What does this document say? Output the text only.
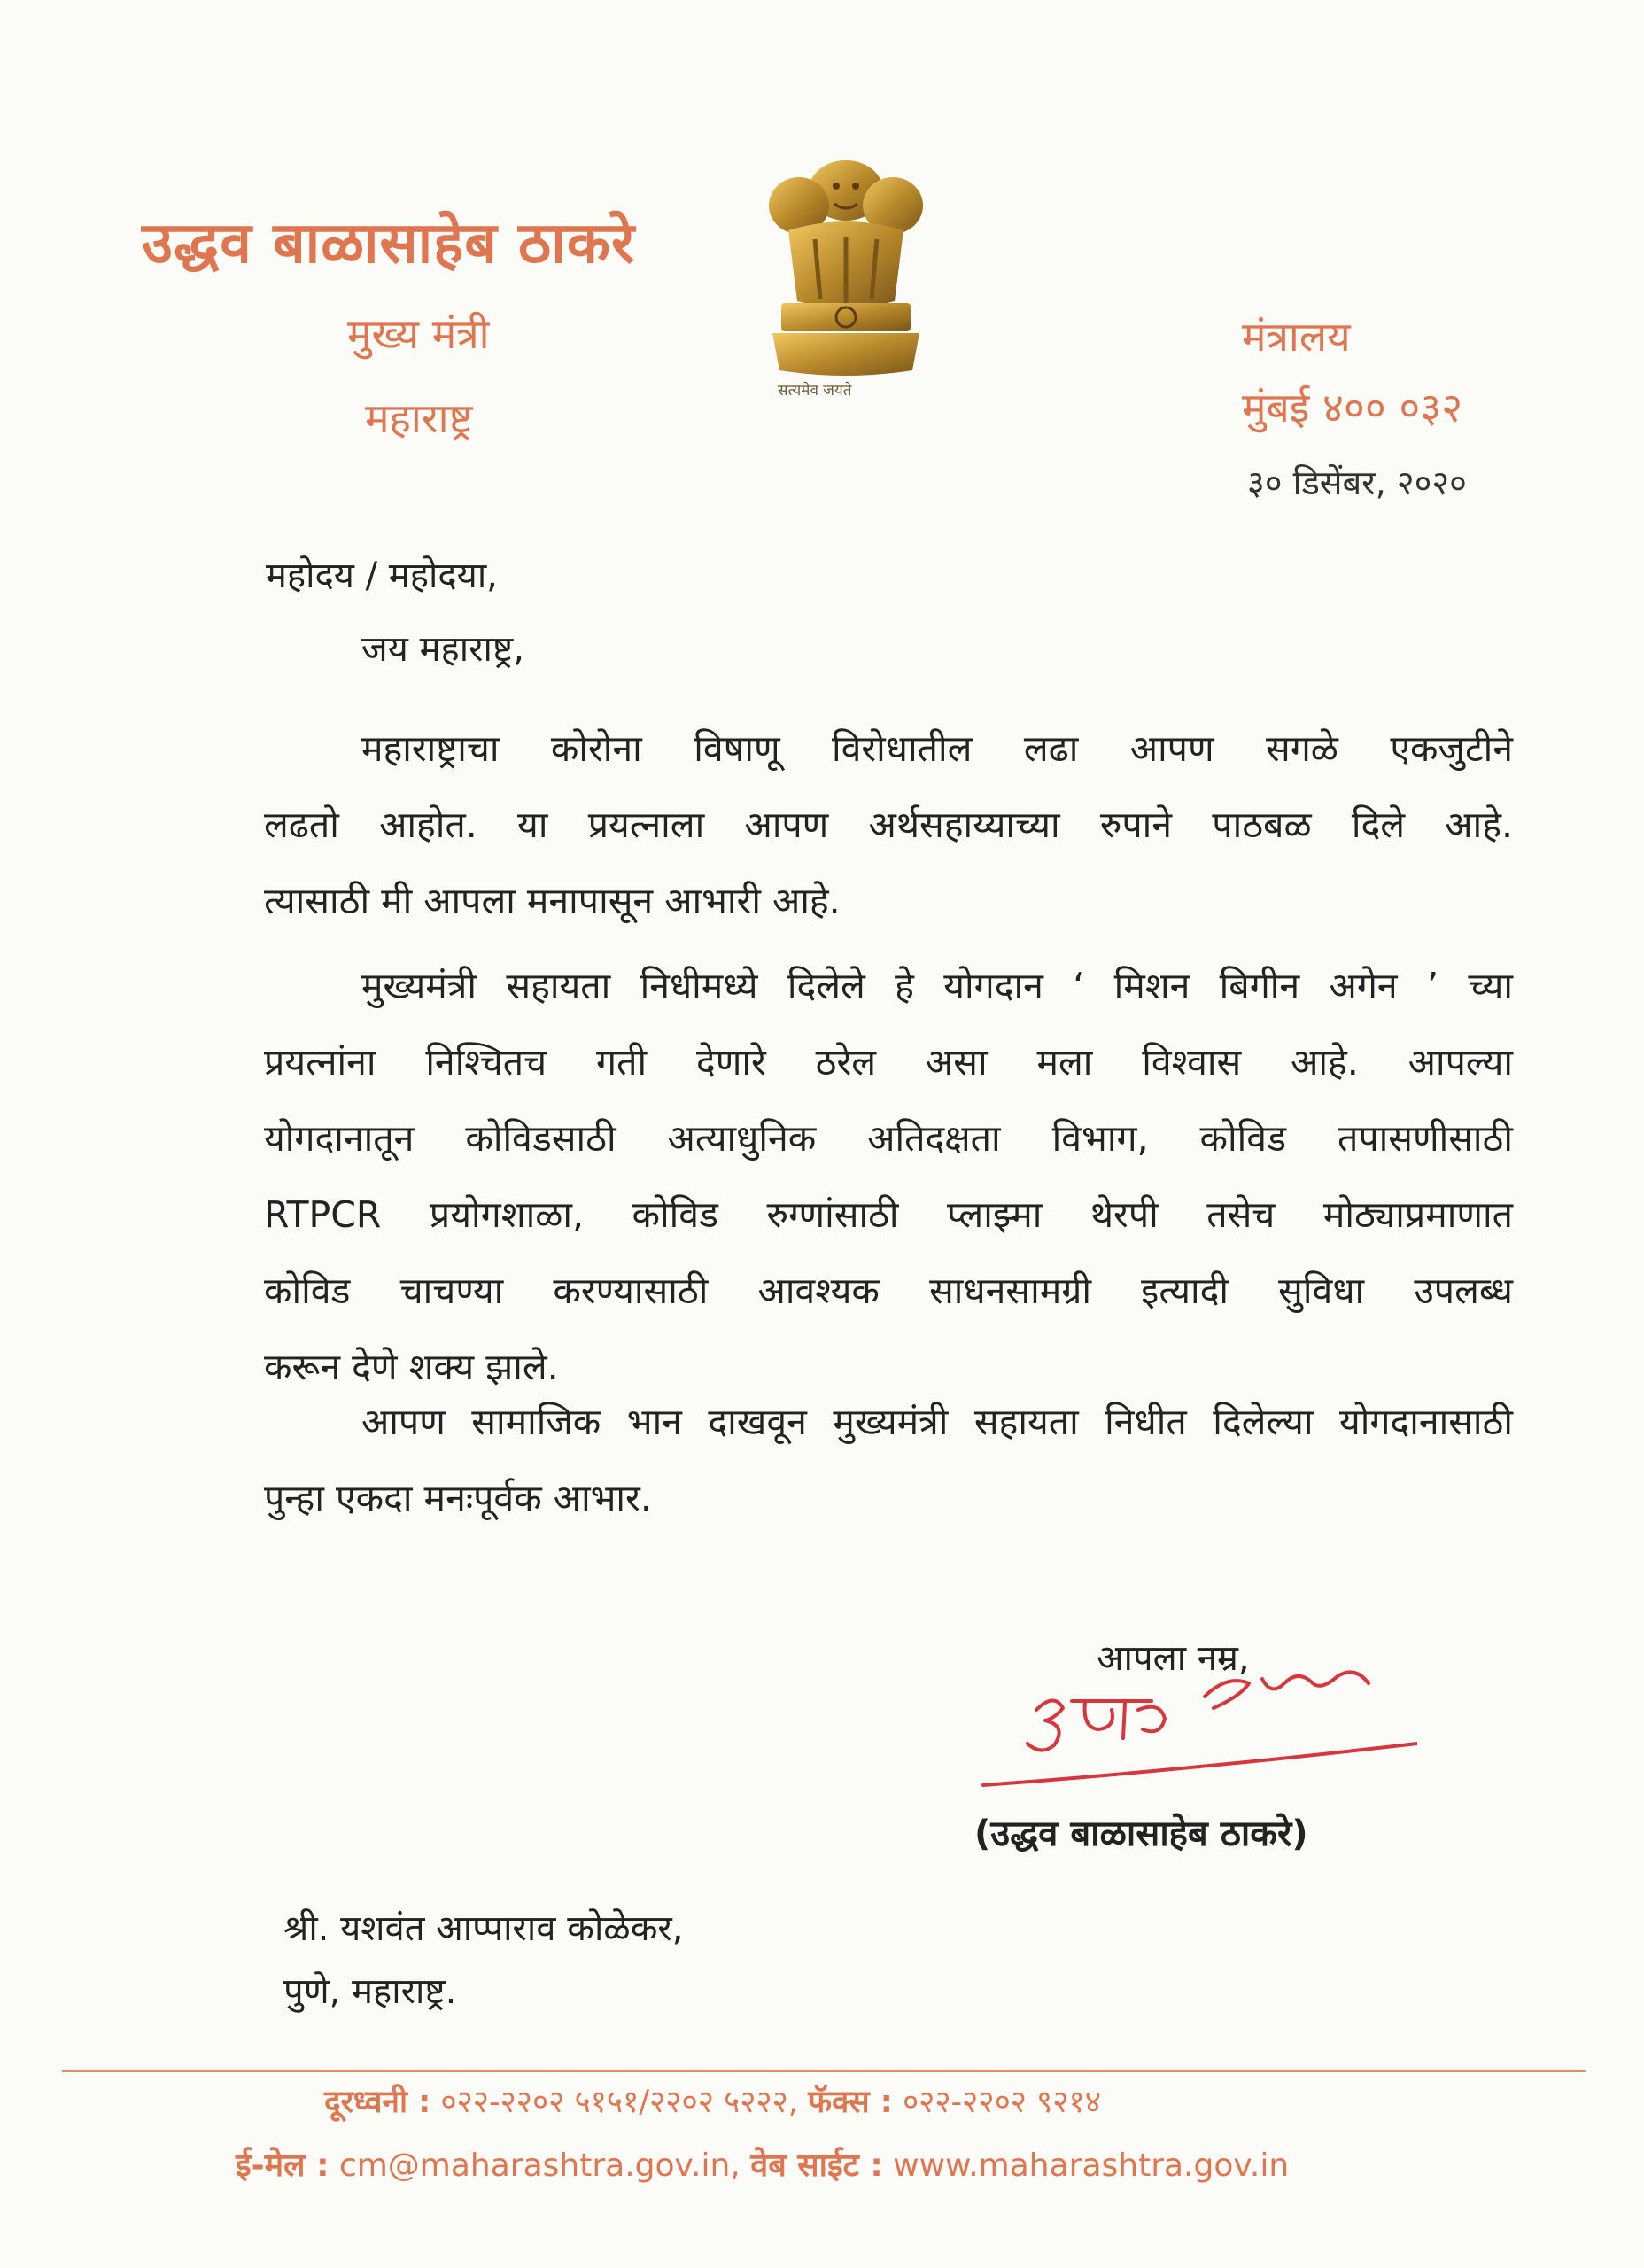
उद्धव बाळासाहेब ठाकरे
मुख्य मंत्री
महाराष्ट्र
सत्यमेव जयते
मंत्रालय
मुंबई ४०० ०३२
३० डिसेंबर, २०२०
महोदय / महोदया,
जय महाराष्ट्र,
महाराष्ट्राचा कोरोना विषाणू विरोधातील लढा आपण सगळे एकजुटीने
लढतो आहोत. या प्रयत्नाला आपण अर्थसहाय्याच्या रुपाने पाठबळ दिले आहे.
त्यासाठी मी आपला मनापासून आभारी आहे.
मुख्यमंत्री सहायता निधीमध्ये दिलेले हे योगदान ‘ मिशन बिगीन अगेन ’ च्या
प्रयत्नांना निश्चितच गती देणारे ठरेल असा मला विश्वास आहे. आपल्या
योगदानातून कोविडसाठी अत्याधुनिक अतिदक्षता विभाग, कोविड तपासणीसाठी
RTPCR प्रयोगशाळा, कोविड रुग्णांसाठी प्लाझ्मा थेरपी तसेच मोठ्याप्रमाणात
कोविड चाचण्या करण्यासाठी आवश्यक साधनसामग्री इत्यादी सुविधा उपलब्ध
करून देणे शक्य झाले.
आपण सामाजिक भान दाखवून मुख्यमंत्री सहायता निधीत दिलेल्या योगदानासाठी
पुन्हा एकदा मनःपूर्वक आभार.
आपला नम्र,
(उद्धव बाळासाहेब ठाकरे)
श्री. यशवंत आप्पाराव कोळेकर,
पुणे, महाराष्ट्र.
दूरध्वनी : ०२२-२२०२ ५१५१/२२०२ ५२२२, फॅक्स : ०२२-२२०२ ९२१४
ई-मेल : cm@maharashtra.gov.in, वेब साईट : www.maharashtra.gov.in
